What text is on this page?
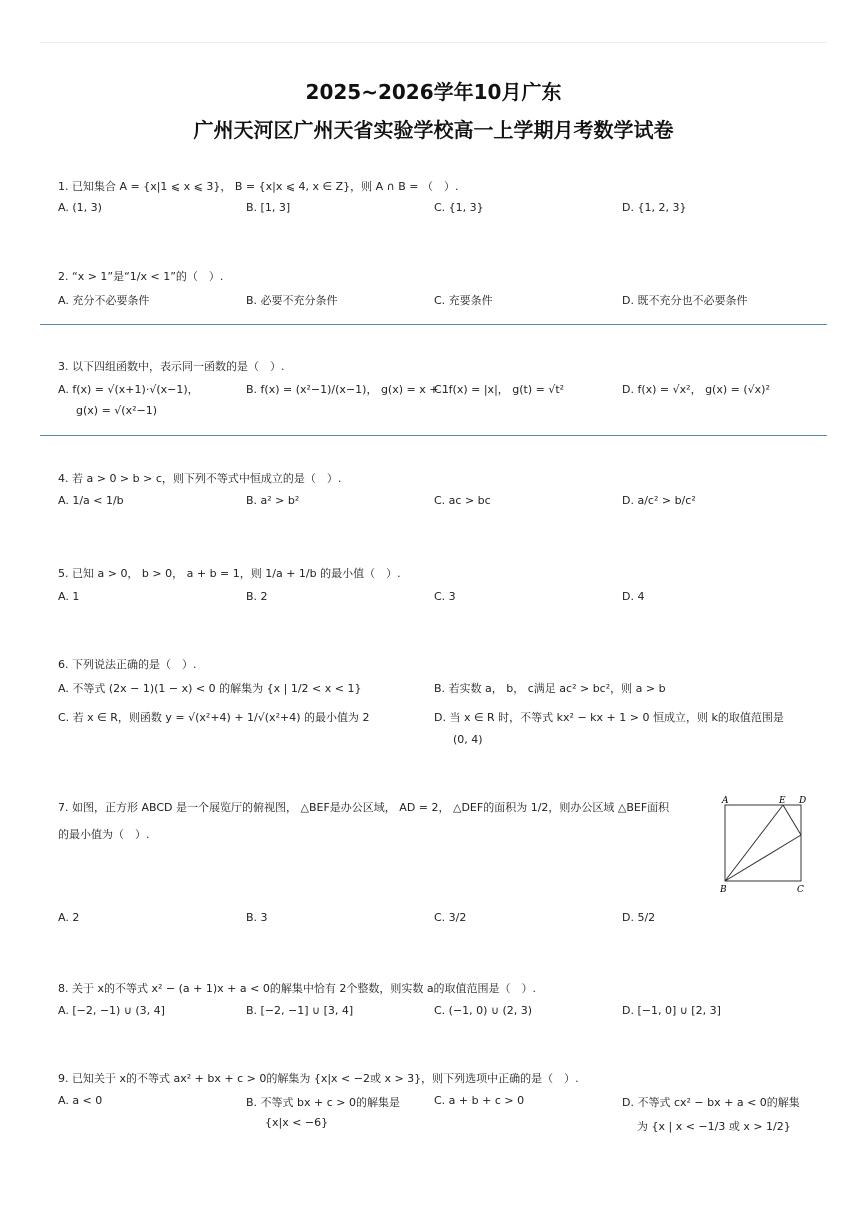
2025~2026学年10月广东
广州天河区广州天省实验学校高一上学期月考数学试卷
1. 已知集合 A = {x|1 ⩽ x ⩽ 3}， B = {x|x ⩽ 4, x ∈ Z}，则 A ∩ B = （　）.
A. (1, 3)	B. [1, 3]	C. {1, 3}	D. {1, 2, 3}
2. “x > 1”是“1/x < 1”的（　）.
A. 充分不必要条件	B. 必要不充分条件	C. 充要条件	D. 既不充分也不必要条件
3. 以下四组函数中，表示同一函数的是（　）.
A. f(x) = √(x+1)·√(x−1)，
g(x) = √(x²−1)
B. f(x) = (x²−1)/(x−1)， g(x) = x + 1
C. f(x) = |x|， g(t) = √t²	D. f(x) = √x²， g(x) = (√x)²
4. 若 a > 0 > b > c，则下列不等式中恒成立的是（　）.
A. 1/a < 1/b	B. a² > b²	C. ac > bc	D. a/c² > b/c²
5. 已知 a > 0， b > 0， a + b = 1，则 1/a + 1/b 的最小值（　）.
A. 1	B. 2	C. 3	D. 4
6. 下列说法正确的是（　）.
A. 不等式 (2x − 1)(1 − x) < 0 的解集为 {x | 1/2 < x < 1}	B. 若实数 a， b， c满足 ac² > bc²，则 a > b
C. 若 x ∈ R，则函数 y = √(x²+4) + 1/√(x²+4) 的最小值为 2	D. 当 x ∈ R 时，不等式 kx² − kx + 1 > 0 恒成立，则 k的取值范围是
(0, 4)
7. 如图，正方形 ABCD 是一个展览厅的俯视图， △BEF是办公区域， AD = 2， △DEF的面积为 1/2，则办公区域 △BEF面积
的最小值为（　）.
A	E D
B	C
A. 2	B. 3	C. 3/2	D. 5/2
8. 关于 x的不等式 x² − (a + 1)x + a < 0的解集中恰有 2个整数，则实数 a的取值范围是（　）.
A. [−2, −1) ∪ (3, 4]	B. [−2, −1] ∪ [3, 4]	C. (−1, 0) ∪ (2, 3)	D. [−1, 0] ∪ [2, 3]
9. 已知关于 x的不等式 ax² + bx + c > 0的解集为 {x|x < −2或 x > 3}，则下列选项中正确的是（　）.
A. a < 0	B. 不等式 bx + c > 0的解集是
{x|x < −6}
C. a + b + c > 0	D. 不等式 cx² − bx + a < 0的解集
为 {x | x < −1/3 或 x > 1/2}
